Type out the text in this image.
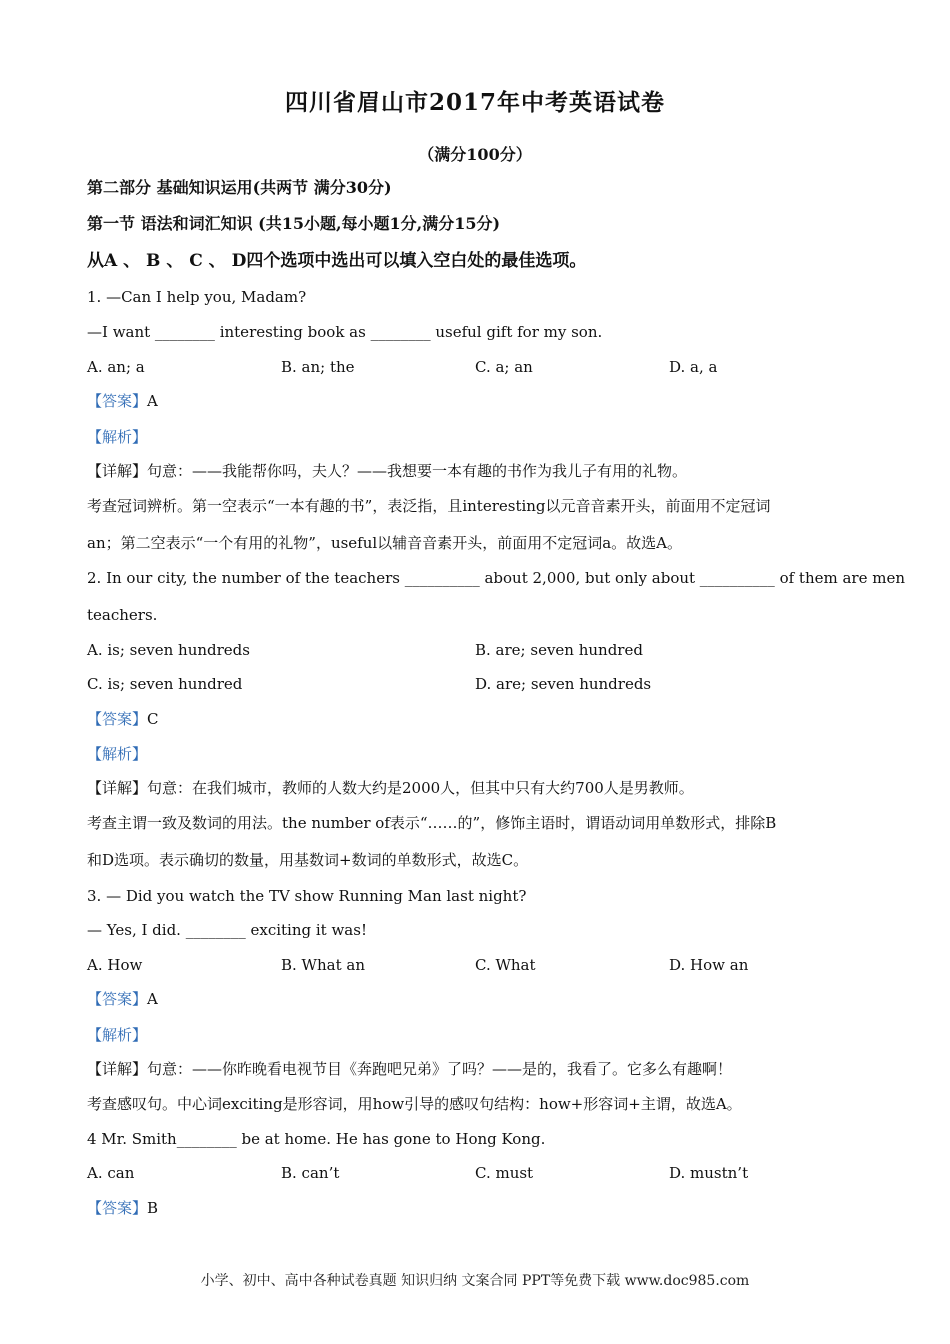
四川省眉山市2017年中考英语试卷
（满分100分）
第二部分 基础知识运用(共两节 满分30分)
第一节 语法和词汇知识 (共15小题,每小题1分,满分15分)
从A 、 B 、 C 、 D四个选项中选出可以填入空白处的最佳选项。
1. —Can I help you, Madam?
—I want ________ interesting book as ________ useful gift for my son.
A. an; a	B. an; the	C. a; an	D. a, a
【答案】A
【解析】
【详解】句意：——我能帮你吗，夫人？——我想要一本有趣的书作为我儿子有用的礼物。
考查冠词辨析。第一空表示“一本有趣的书”，表泛指，且interesting以元音音素开头，前面用不定冠词
an；第二空表示“一个有用的礼物”，useful以辅音音素开头，前面用不定冠词a。故选A。
2. In our city, the number of the teachers __________ about 2,000, but only about __________ of them are men
teachers.
A. is; seven hundreds	B. are; seven hundred
C. is; seven hundred	D. are; seven hundreds
【答案】C
【解析】
【详解】句意：在我们城市，教师的人数大约是2000人，但其中只有大约700人是男教师。
考查主谓一致及数词的用法。the number of表示“……的”，修饰主语时，谓语动词用单数形式，排除B
和D选项。表示确切的数量，用基数词+数词的单数形式，故选C。
3. — Did you watch the TV show Running Man last night?
— Yes, I did. ________ exciting it was!
A. How	B. What an	C. What	D. How an
【答案】A
【解析】
【详解】句意：——你昨晚看电视节目《奔跑吧兄弟》了吗？——是的，我看了。它多么有趣啊！
考查感叹句。中心词exciting是形容词，用how引导的感叹句结构：how+形容词+主谓，故选A。
4 Mr. Smith________ be at home. He has gone to Hong Kong.
A. can	B. can’t	C. must	D. mustn’t
【答案】B
小学、初中、高中各种试卷真题 知识归纳 文案合同 PPT等免费下载 www.doc985.com
